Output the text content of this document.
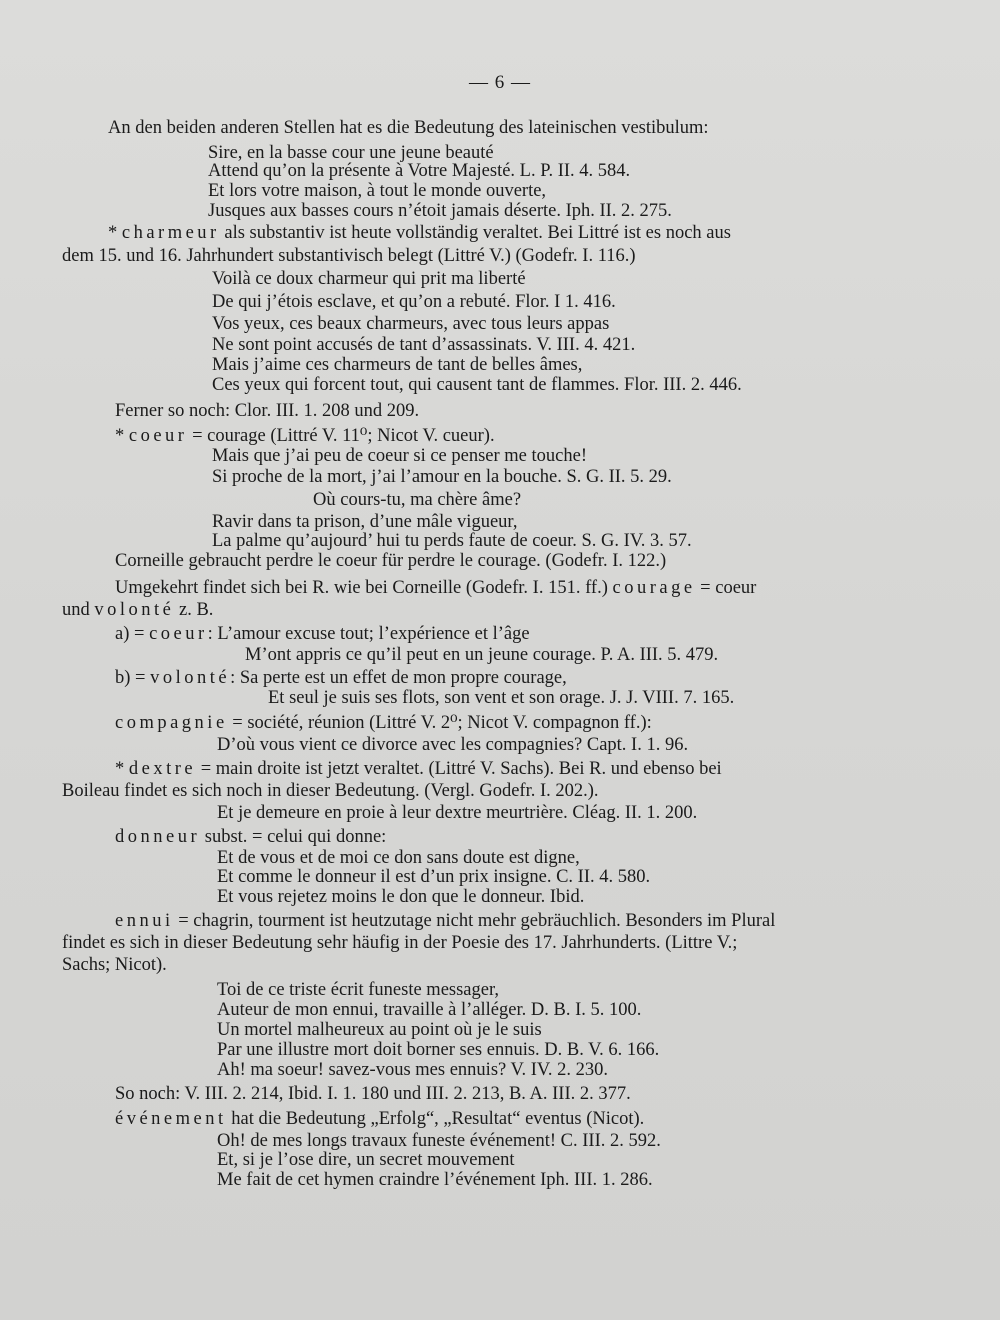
— 6 —
An den beiden anderen Stellen hat es die Bedeutung des lateinischen vestibulum:
Sire, en la basse cour une jeune beauté
Attend qu’on la présente à Votre Majesté. L. P. II. 4. 584.
Et lors votre maison, à tout le monde ouverte,
Jusques aux basses cours n’étoit jamais déserte. Iph. II. 2. 275.
* charmeur als substantiv ist heute vollständig veraltet. Bei Littré ist es noch aus
dem 15. und 16. Jahrhundert substantivisch belegt (Littré V.) (Godefr. I. 116.)
Voilà ce doux charmeur qui prit ma liberté
De qui j’étois esclave, et qu’on a rebuté. Flor. I 1. 416.
Vos yeux, ces beaux charmeurs, avec tous leurs appas
Ne sont point accusés de tant d’assassinats. V. III. 4. 421.
Mais j’aime ces charmeurs de tant de belles âmes,
Ces yeux qui forcent tout, qui causent tant de flammes. Flor. III. 2. 446.
Ferner so noch: Clor. III. 1. 208 und 209.
* coeur = courage (Littré V. 11⁰; Nicot V. cueur).
Mais que j’ai peu de coeur si ce penser me touche!
Si proche de la mort, j’ai l’amour en la bouche. S. G. II. 5. 29.
Où cours-tu, ma chère âme?
Ravir dans ta prison, d’une mâle vigueur,
La palme qu’aujourd’ hui tu perds faute de coeur. S. G. IV. 3. 57.
Corneille gebraucht perdre le coeur für perdre le courage. (Godefr. I. 122.)
Umgekehrt findet sich bei R. wie bei Corneille (Godefr. I. 151. ff.) courage = coeur
und volonté z. B.
a) = coeur: L’amour excuse tout; l’expérience et l’âge
M’ont appris ce qu’il peut en un jeune courage. P. A. III. 5. 479.
b) = volonté: Sa perte est un effet de mon propre courage,
Et seul je suis ses flots, son vent et son orage. J. J. VIII. 7. 165.
compagnie = société, réunion (Littré V. 2⁰; Nicot V. compagnon ff.):
D’où vous vient ce divorce avec les compagnies? Capt. I. 1. 96.
* dextre = main droite ist jetzt veraltet. (Littré V. Sachs). Bei R. und ebenso bei
Boileau findet es sich noch in dieser Bedeutung. (Vergl. Godefr. I. 202.).
Et je demeure en proie à leur dextre meurtrière. Cléag. II. 1. 200.
donneur subst. = celui qui donne:
Et de vous et de moi ce don sans doute est digne,
Et comme le donneur il est d’un prix insigne. C. II. 4. 580.
Et vous rejetez moins le don que le donneur. Ibid.
ennui = chagrin, tourment ist heutzutage nicht mehr gebräuchlich. Besonders im Plural
findet es sich in dieser Bedeutung sehr häufig in der Poesie des 17. Jahrhunderts. (Littre V.;
Sachs; Nicot).
Toi de ce triste écrit funeste messager,
Auteur de mon ennui, travaille à l’alléger. D. B. I. 5. 100.
Un mortel malheureux au point où je le suis
Par une illustre mort doit borner ses ennuis. D. B. V. 6. 166.
Ah! ma soeur! savez-vous mes ennuis? V. IV. 2. 230.
So noch: V. III. 2. 214, Ibid. I. 1. 180 und III. 2. 213, B. A. III. 2. 377.
événement hat die Bedeutung „Erfolg“, „Resultat“ eventus (Nicot).
Oh! de mes longs travaux funeste événement! C. III. 2. 592.
Et, si je l’ose dire, un secret mouvement
Me fait de cet hymen craindre l’événement Iph. III. 1. 286.
